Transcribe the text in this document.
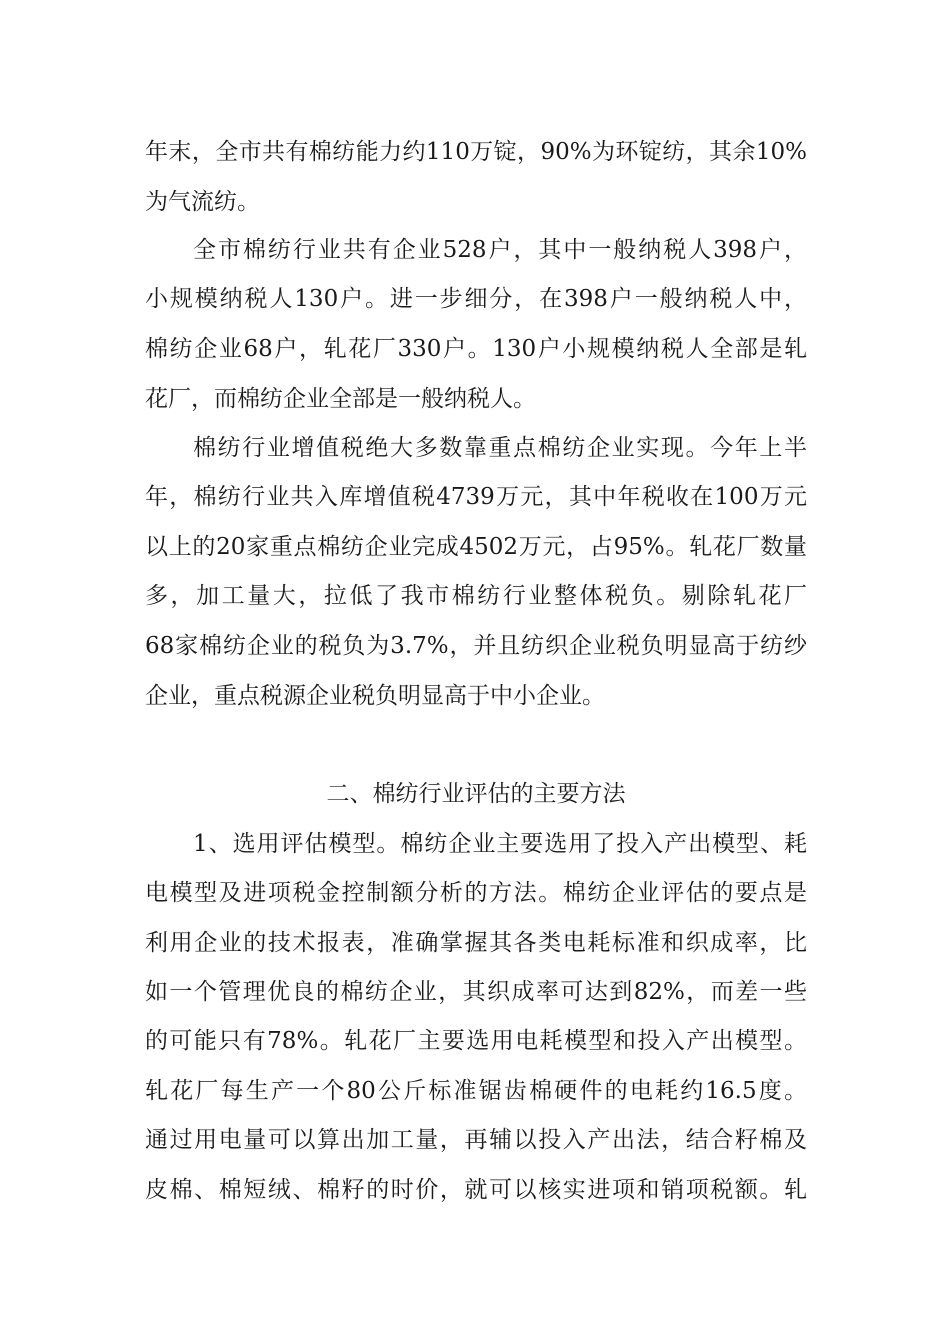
年末，全市共有棉纺能力约110万锭，90%为环锭纺，其余10%
为气流纺。
全市棉纺行业共有企业528户，其中一般纳税人398户，
小规模纳税人130户。进一步细分，在398户一般纳税人中，
棉纺企业68户，轧花厂330户。130户小规模纳税人全部是轧
花厂，而棉纺企业全部是一般纳税人。
棉纺行业增值税绝大多数靠重点棉纺企业实现。今年上半
年，棉纺行业共入库增值税4739万元，其中年税收在100万元
以上的20家重点棉纺企业完成4502万元，占95%。轧花厂数量
多，加工量大，拉低了我市棉纺行业整体税负。剔除轧花厂
68家棉纺企业的税负为3.7%，并且纺织企业税负明显高于纺纱
企业，重点税源企业税负明显高于中小企业。
二、棉纺行业评估的主要方法
1、选用评估模型。棉纺企业主要选用了投入产出模型、耗
电模型及进项税金控制额分析的方法。棉纺企业评估的要点是
利用企业的技术报表，准确掌握其各类电耗标准和织成率，比
如一个管理优良的棉纺企业，其织成率可达到82%，而差一些
的可能只有78%。轧花厂主要选用电耗模型和投入产出模型。
轧花厂每生产一个80公斤标准锯齿棉硬件的电耗约16.5度。
通过用电量可以算出加工量，再辅以投入产出法，结合籽棉及
皮棉、棉短绒、棉籽的时价，就可以核实进项和销项税额。轧
